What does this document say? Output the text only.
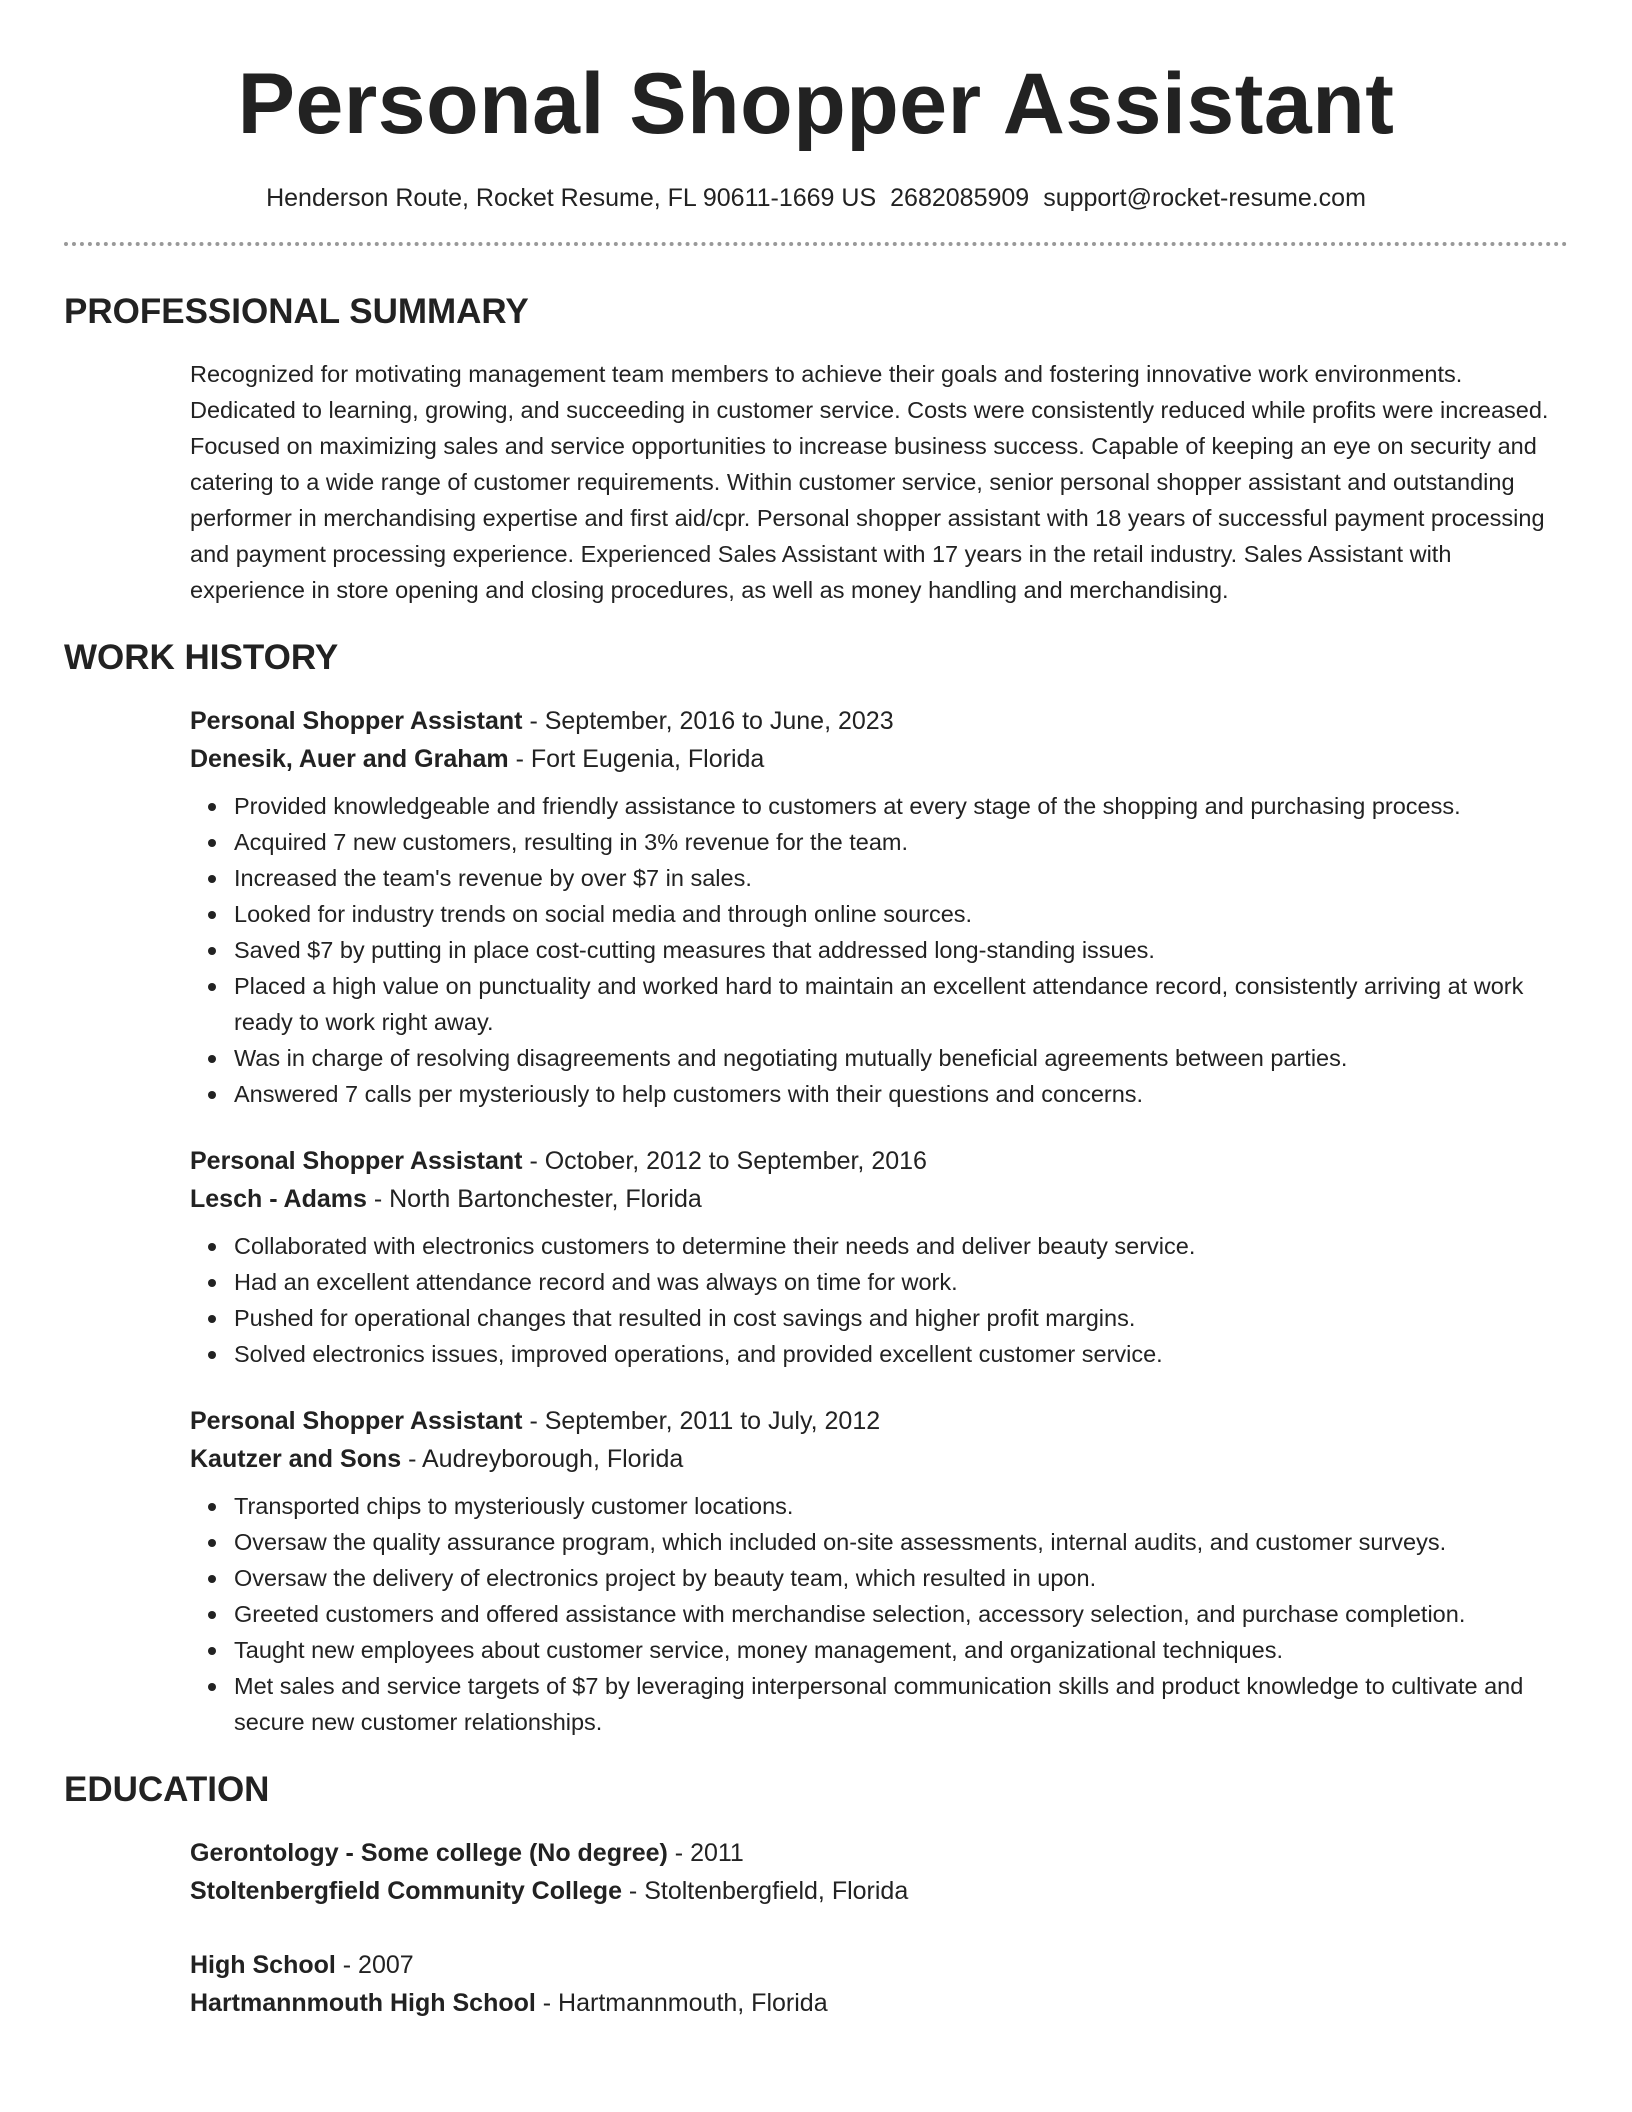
Personal Shopper Assistant
Henderson Route, Rocket Resume, FL 90611-1669 US 2682085909 support@rocket-resume.com
PROFESSIONAL SUMMARY

Recognized for motivating management team members to achieve their goals and fostering innovative work environments. Dedicated to learning, growing, and succeeding in customer service. Costs were consistently reduced while profits were increased. Focused on maximizing sales and service opportunities to increase business success. Capable of keeping an eye on security and catering to a wide range of customer requirements. Within customer service, senior personal shopper assistant and outstanding performer in merchandising expertise and first aid/cpr. Personal shopper assistant with 18 years of successful payment processing and payment processing experience. Experienced Sales Assistant with 17 years in the retail industry. Sales Assistant with experience in store opening and closing procedures, as well as money handling and merchandising.

WORK HISTORY
Personal Shopper Assistant - September, 2016 to June, 2023
Denesik, Auer and Graham - Fort Eugenia, Florida
Provided knowledgeable and friendly assistance to customers at every stage of the shopping and purchasing process.
Acquired 7 new customers, resulting in 3% revenue for the team.
Increased the team's revenue by over $7 in sales.
Looked for industry trends on social media and through online sources.
Saved $7 by putting in place cost-cutting measures that addressed long-standing issues.
Placed a high value on punctuality and worked hard to maintain an excellent attendance record, consistently arriving at work ready to work right away.
Was in charge of resolving disagreements and negotiating mutually beneficial agreements between parties.
Answered 7 calls per mysteriously to help customers with their questions and concerns.
Personal Shopper Assistant - October, 2012 to September, 2016
Lesch - Adams - North Bartonchester, Florida
Collaborated with electronics customers to determine their needs and deliver beauty service.
Had an excellent attendance record and was always on time for work.
Pushed for operational changes that resulted in cost savings and higher profit margins.
Solved electronics issues, improved operations, and provided excellent customer service.
Personal Shopper Assistant - September, 2011 to July, 2012
Kautzer and Sons - Audreyborough, Florida
Transported chips to mysteriously customer locations.
Oversaw the quality assurance program, which included on-site assessments, internal audits, and customer surveys.
Oversaw the delivery of electronics project by beauty team, which resulted in upon.
Greeted customers and offered assistance with merchandise selection, accessory selection, and purchase completion.
Taught new employees about customer service, money management, and organizational techniques.
Met sales and service targets of $7 by leveraging interpersonal communication skills and product knowledge to cultivate and secure new customer relationships.
EDUCATION
Gerontology - Some college (No degree) - 2011
Stoltenbergfield Community College - Stoltenbergfield, Florida
High School - 2007
Hartmannmouth High School - Hartmannmouth, Florida
